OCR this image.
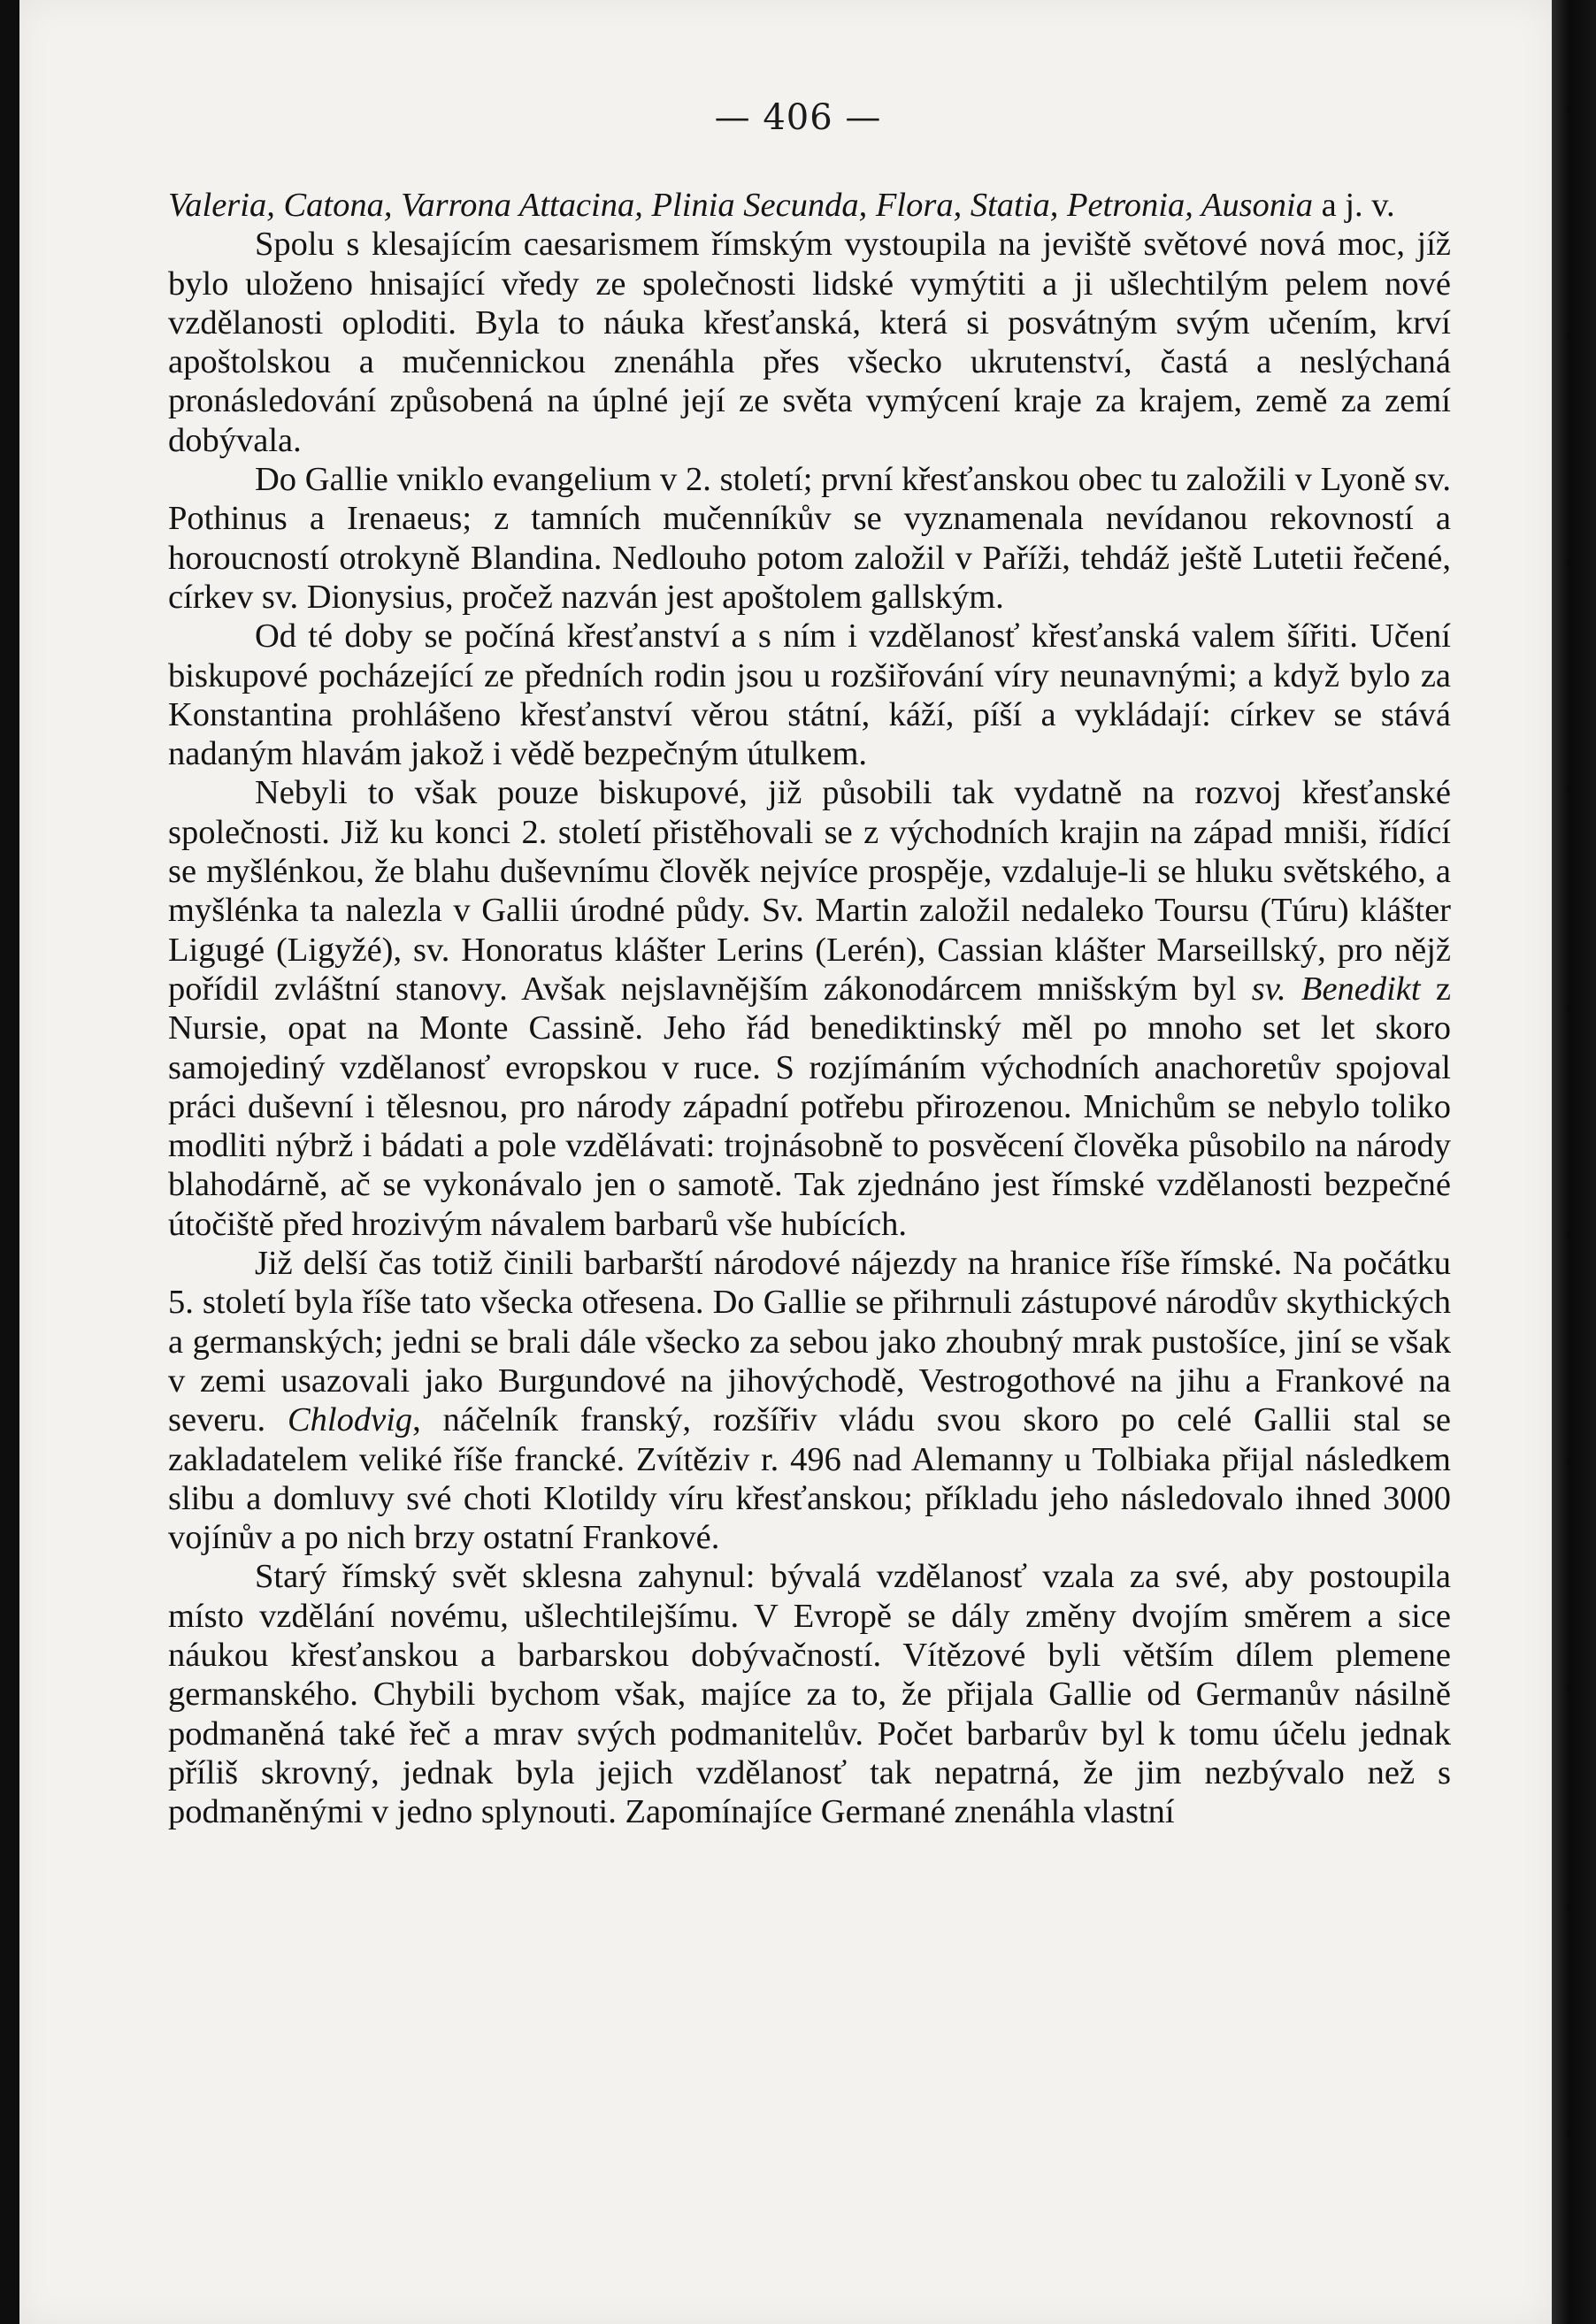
— 406 —

Valeria, Catona, Varrona Attacina, Plinia Secunda, Flora, Statia, Petronia, Ausonia a j. v.

Spolu s klesajícím caesarismem římským vystoupila na jeviště světové nová moc, jíž bylo uloženo hnisající vředy ze společnosti lidské vymýtiti a ji ušlechtilým pelem nové vzdělanosti oploditi. Byla to náuka křesťanská, která si posvátným svým učením, krví apoštolskou a mučennickou znenáhla přes všecko ukrutenství, častá a neslýchaná pronásledování způsobená na úplné její ze světa vymýcení kraje za krajem, země za zemí dobývala.

Do Gallie vniklo evangelium v 2. století; první křesťanskou obec tu založili v Lyoně sv. Pothinus a Irenaeus; z tamních mučenníkův se vyznamenala nevídanou rekovností a horoucností otrokyně Blandina. Nedlouho potom založil v Paříži, tehdáž ještě Lutetii řečené, církev sv. Dionysius, pročež nazván jest apoštolem gallským.

Od té doby se počíná křesťanství a s ním i vzdělanosť křesťanská valem šířiti. Učení biskupové pocházející ze předních rodin jsou u rozšiřování víry neunavnými; a když bylo za Konstantina prohlášeno křesťanství věrou státní, káží, píší a vykládají: církev se stává nadaným hlavám jakož i vědě bezpečným útulkem.

Nebyli to však pouze biskupové, již působili tak vydatně na rozvoj křesťanské společnosti. Již ku konci 2. století přistěhovali se z východních krajin na západ mniši, řídící se myšlénkou, že blahu duševnímu člověk nejvíce prospěje, vzdaluje-li se hluku světského, a myšlénka ta nalezla v Gallii úrodné půdy. Sv. Martin založil nedaleko Toursu (Túru) klášter Ligugé (Ligyžé), sv. Honoratus klášter Lerins (Lerén), Cassian klášter Marseillský, pro nějž pořídil zvláštní stanovy. Avšak nejslavnějším zákonodárcem mnišským byl sv. Benedikt z Nursie, opat na Monte Cassině. Jeho řád benediktinský měl po mnoho set let skoro samojediný vzdělanosť evropskou v ruce. S rozjímáním východních anachoretův spojoval práci duševní i tělesnou, pro národy západní potřebu přirozenou. Mnichům se nebylo toliko modliti nýbrž i bádati a pole vzdělávati: trojnásobně to posvěcení člověka působilo na národy blahodárně, ač se vykonávalo jen o samotě. Tak zjednáno jest římské vzdělanosti bezpečné útočiště před hrozivým návalem barbarů vše hubících.

Již delší čas totiž činili barbarští národové nájezdy na hranice říše římské. Na počátku 5. století byla říše tato všecka otřesena. Do Gallie se přihrnuli zástupové národův skythických a germanských; jedni se brali dále všecko za sebou jako zhoubný mrak pustošíce, jiní se však v zemi usazovali jako Burgundové na jihovýchodě, Vestrogothové na jihu a Frankové na severu. Chlodvig, náčelník franský, rozšířiv vládu svou skoro po celé Gallii stal se zakladatelem veliké říše francké. Zvítěziv r. 496 nad Alemanny u Tolbiaka přijal následkem slibu a domluvy své choti Klotildy víru křesťanskou; příkladu jeho následovalo ihned 3000 vojínův a po nich brzy ostatní Frankové.

Starý římský svět sklesna zahynul: bývalá vzdělanosť vzala za své, aby postoupila místo vzdělání novému, ušlechtilejšímu. V Evropě se dály změny dvojím směrem a sice náukou křesťanskou a barbarskou dobývačností. Vítězové byli větším dílem plemene germanského. Chybili bychom však, majíce za to, že přijala Gallie od Germanův násilně podmaněná také řeč a mrav svých podmanitelův. Počet barbarův byl k tomu účelu jednak příliš skrovný, jednak byla jejich vzdělanosť tak nepatrná, že jim nezbývalo než s podmaněnými v jedno splynouti. Zapomínajíce Germané znenáhla vlastní
